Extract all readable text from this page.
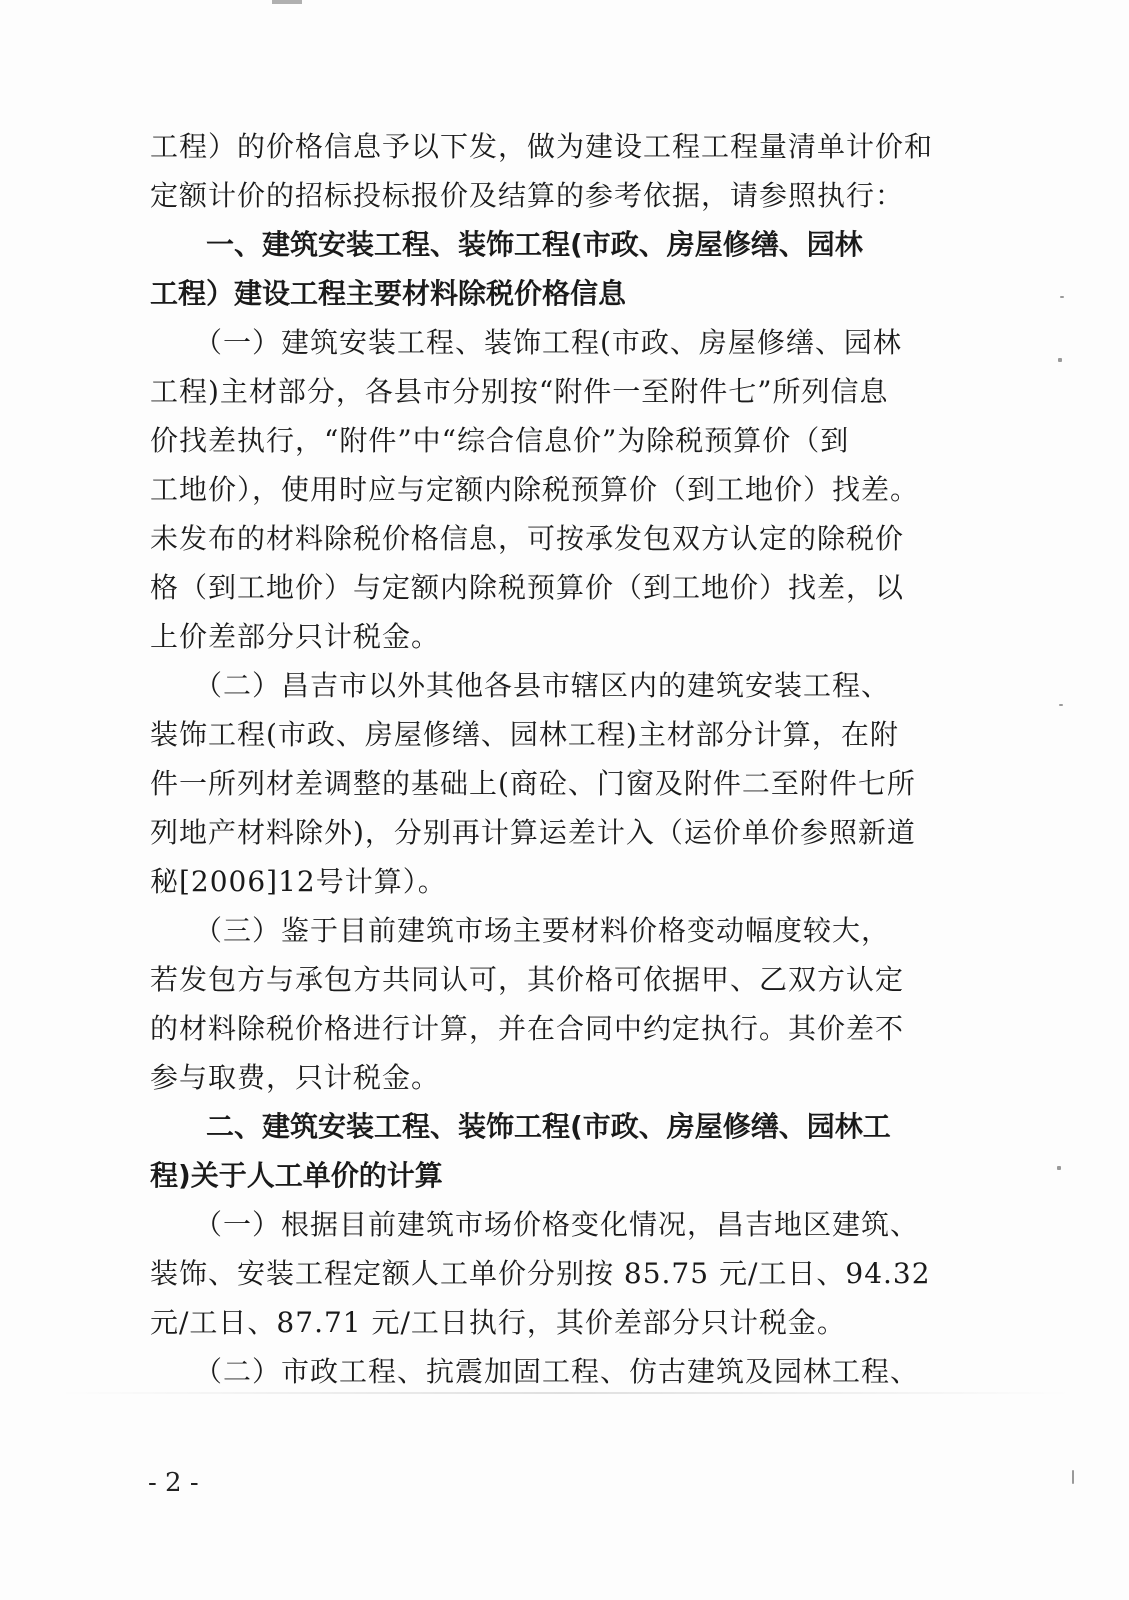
工程）的价格信息予以下发，做为建设工程工程量清单计价和
定额计价的招标投标报价及结算的参考依据，请参照执行：
　　一、建筑安装工程、装饰工程(市政、房屋修缮、园林
工程）建设工程主要材料除税价格信息
　　（一）建筑安装工程、装饰工程(市政、房屋修缮、园林
工程)主材部分，各县市分别按“附件一至附件七”所列信息
价找差执行，“附件”中“综合信息价”为除税预算价（到
工地价），使用时应与定额内除税预算价（到工地价）找差。
未发布的材料除税价格信息，可按承发包双方认定的除税价
格（到工地价）与定额内除税预算价（到工地价）找差，以
上价差部分只计税金。
　　（二）昌吉市以外其他各县市辖区内的建筑安装工程、
装饰工程(市政、房屋修缮、园林工程)主材部分计算，在附
件一所列材差调整的基础上(商砼、门窗及附件二至附件七所
列地产材料除外)，分别再计算运差计入（运价单价参照新道
秘[2006]12号计算）。
　　（三）鉴于目前建筑市场主要材料价格变动幅度较大，
若发包方与承包方共同认可，其价格可依据甲、乙双方认定
的材料除税价格进行计算，并在合同中约定执行。其价差不
参与取费，只计税金。
　　二、建筑安装工程、装饰工程(市政、房屋修缮、园林工
程)关于人工单价的计算
　　（一）根据目前建筑市场价格变化情况，昌吉地区建筑、
装饰、安装工程定额人工单价分别按 85.75 元/工日、94.32
元/工日、87.71 元/工日执行，其价差部分只计税金。
　　（二）市政工程、抗震加固工程、仿古建筑及园林工程、
- 2 -
